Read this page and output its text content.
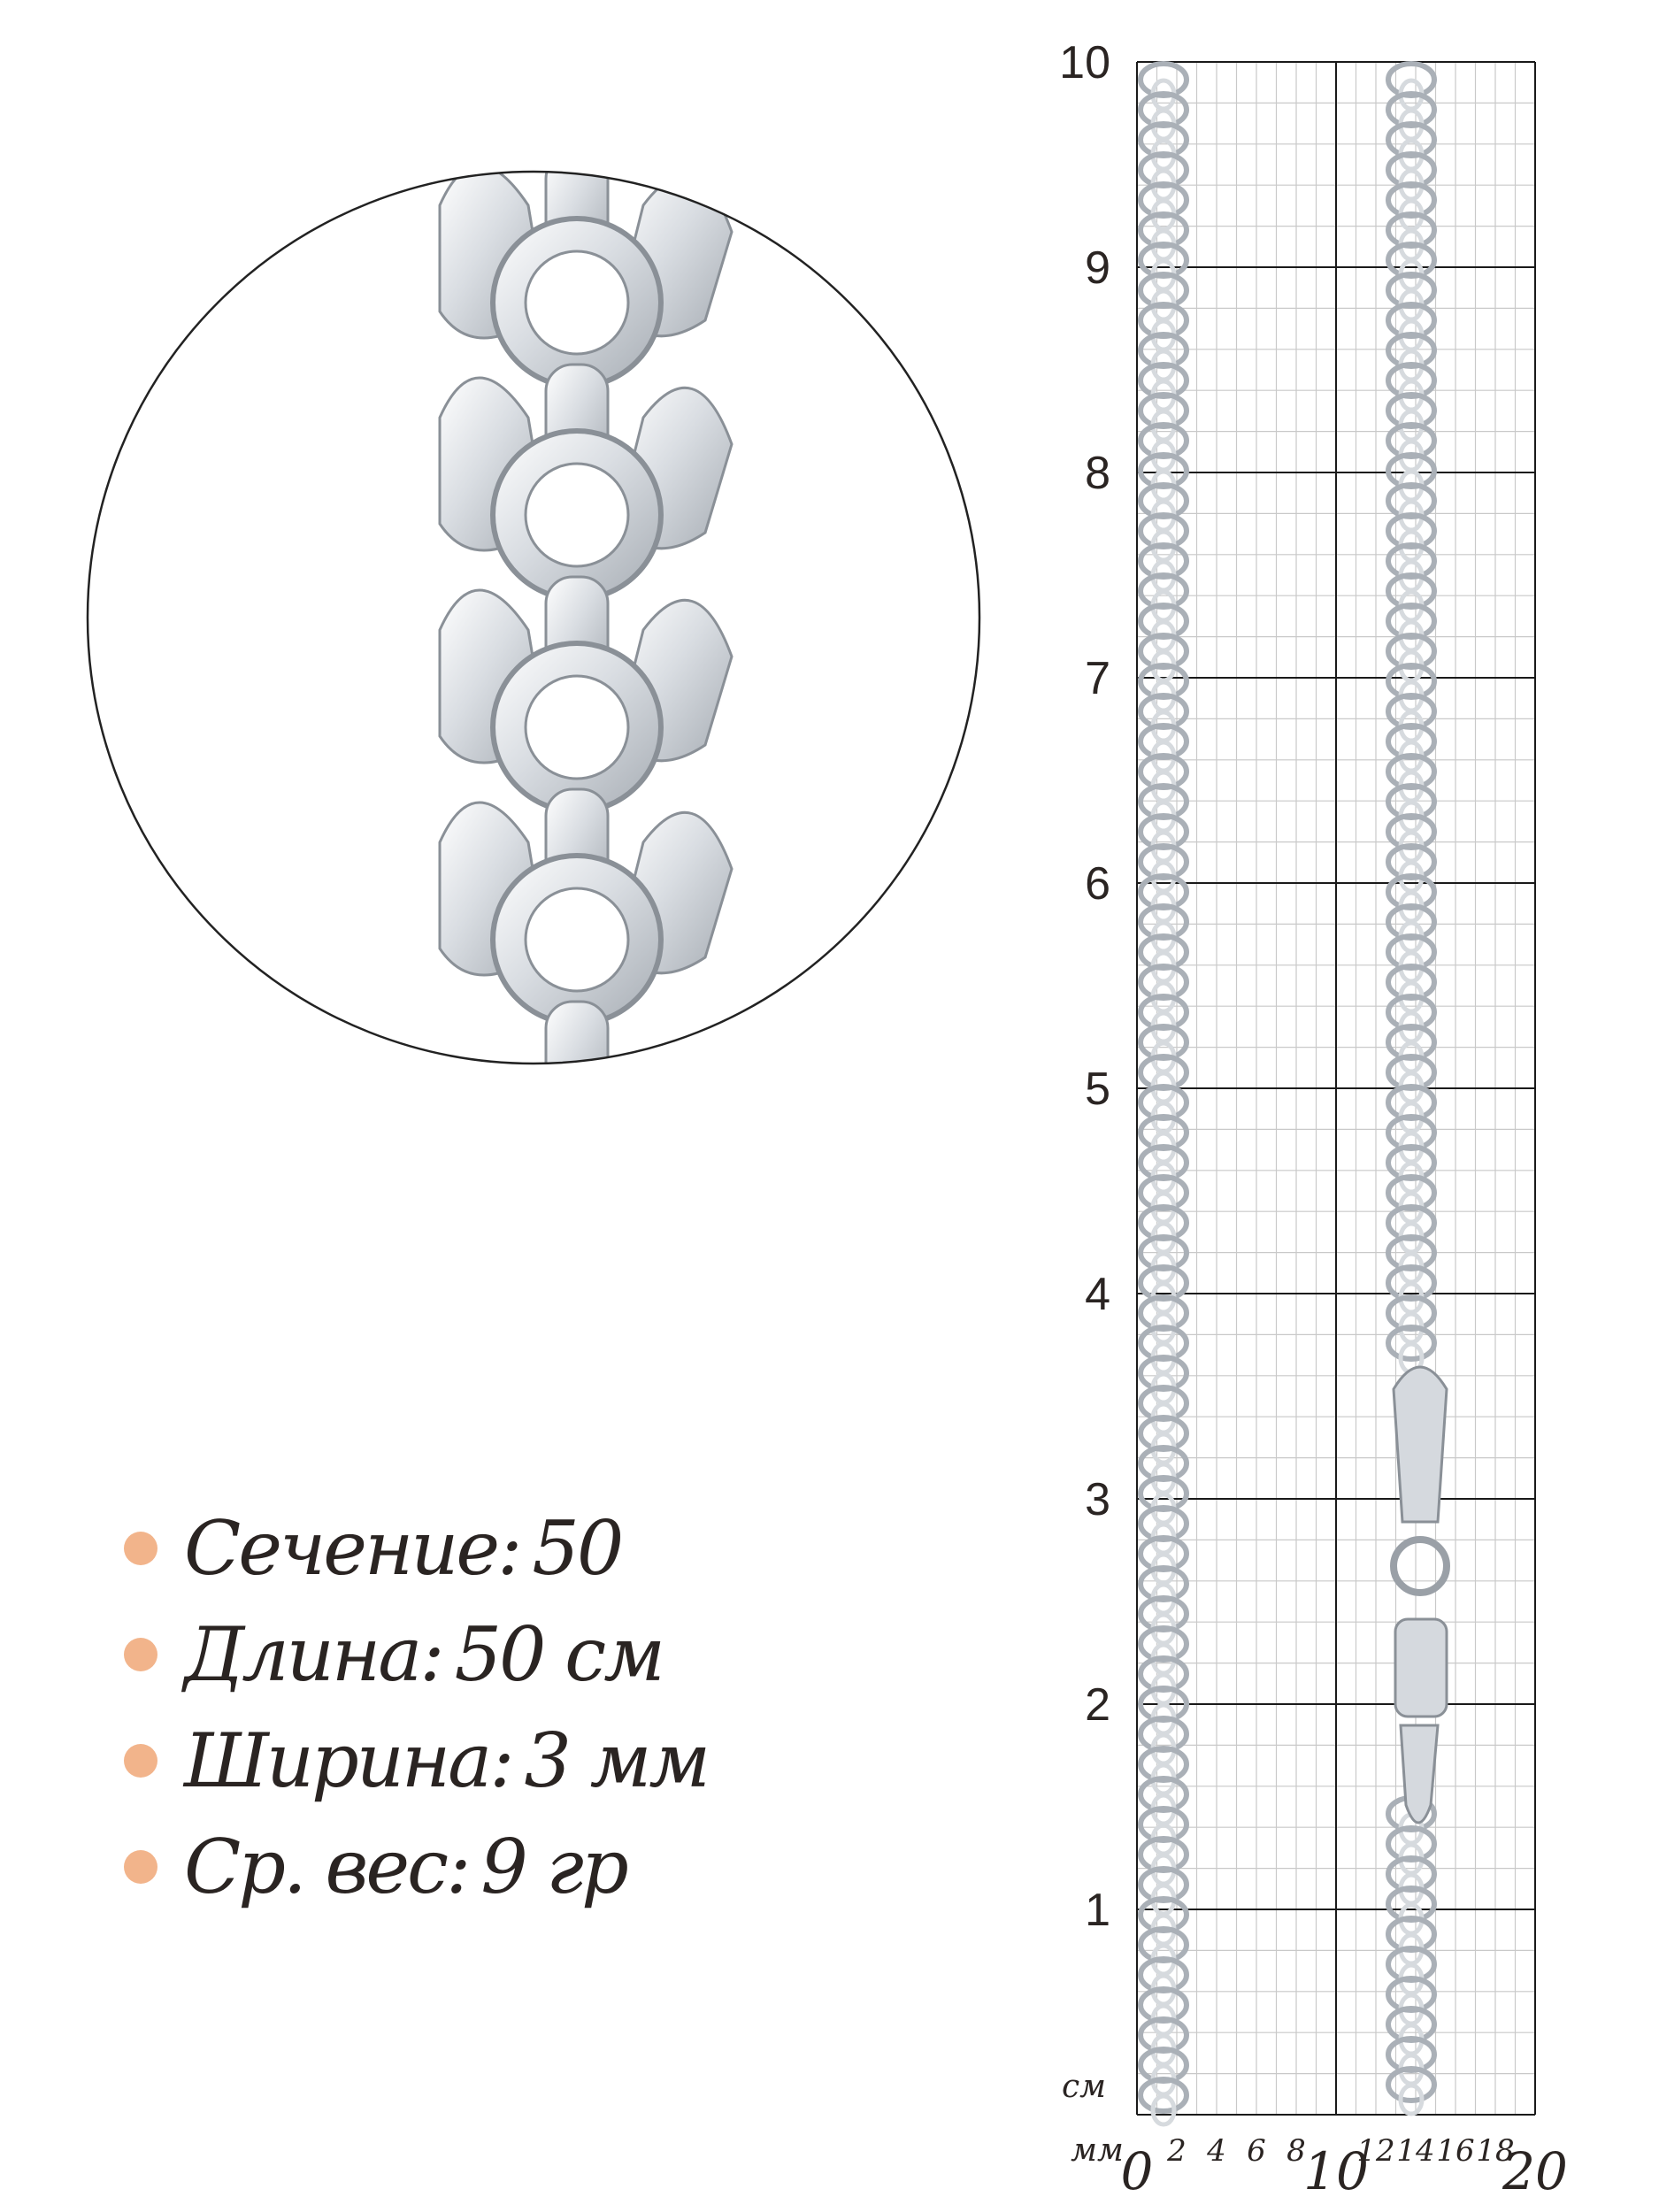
Сечение: 50
Длина: 50 см
Ширина: 3 мм
Ср. вес: 9 гр	1
2
3
4
5
6
7
8
9
10
см
мм 2 4 6 8 12 14 16 18
0	10	20
